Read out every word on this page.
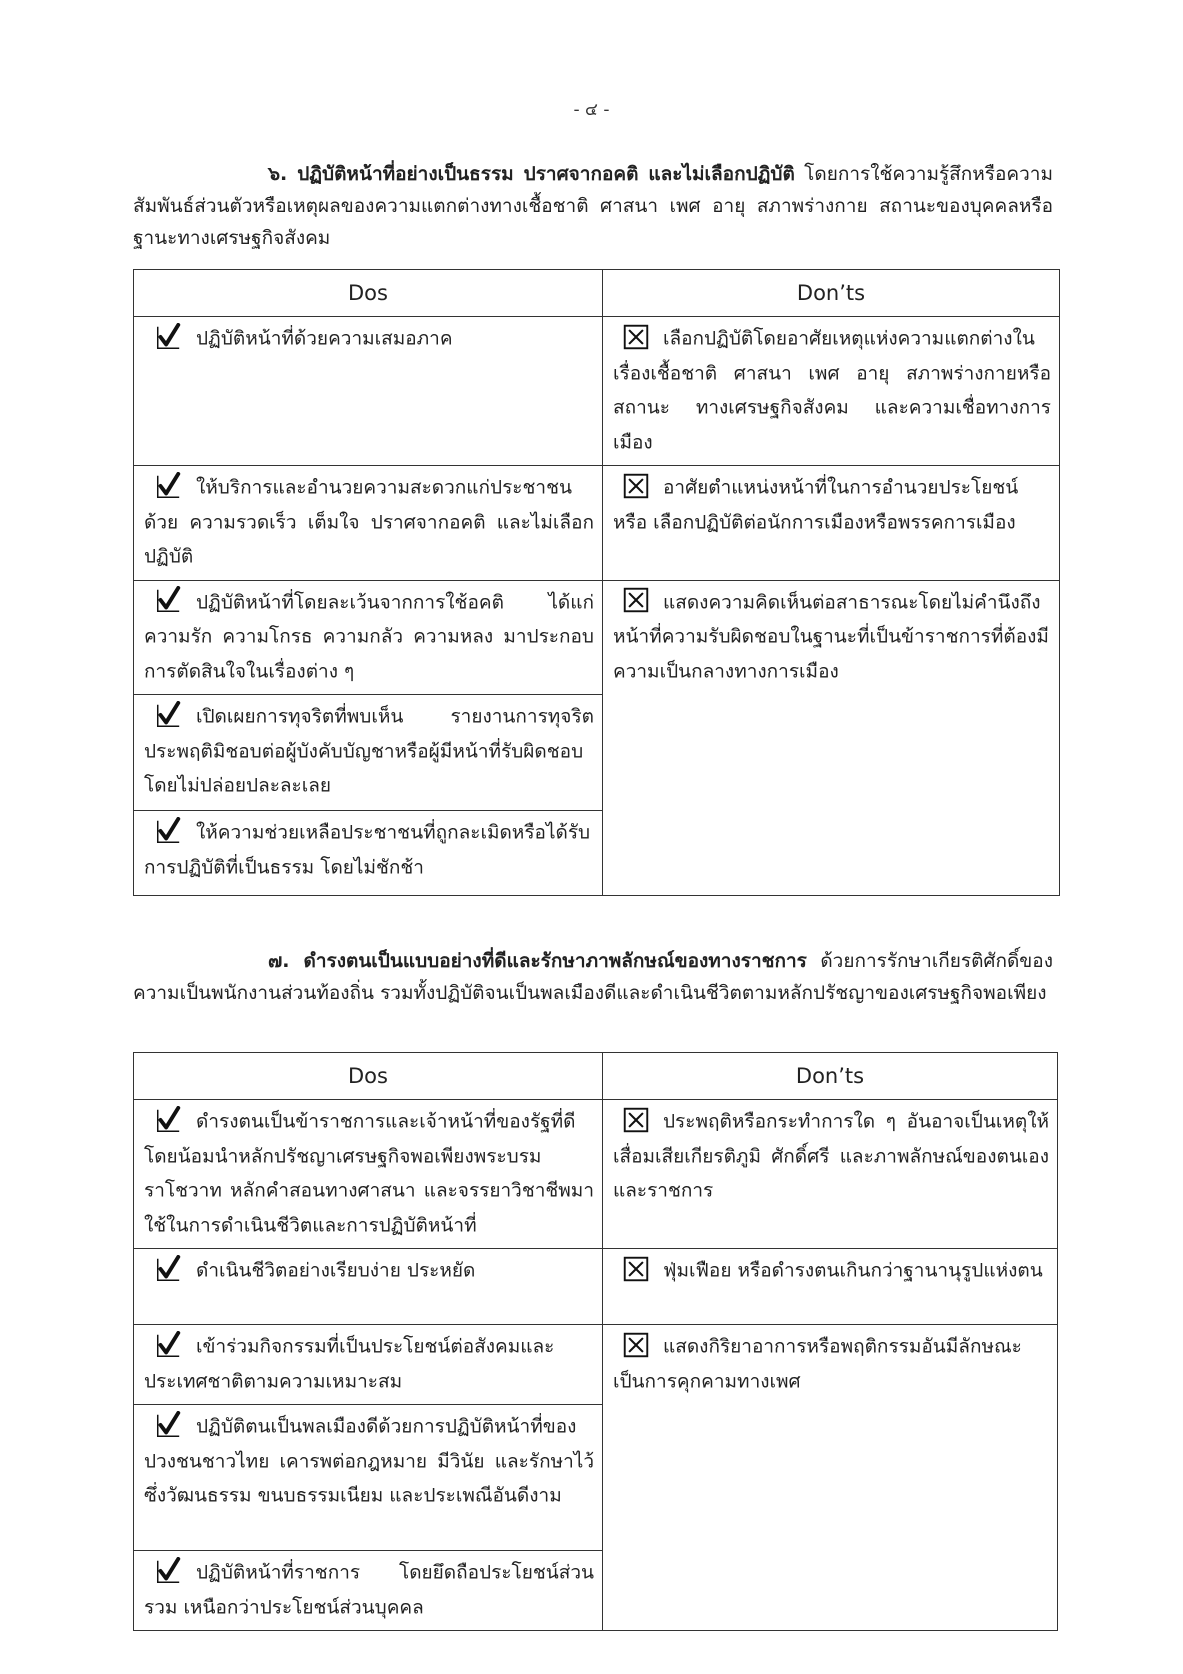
- ๔ -
๖. ปฏิบัติหน้าที่อย่างเป็นธรรม ปราศจากอคติ และไม่เลือกปฏิบัติ โดยการใช้ความรู้สึกหรือความสัมพันธ์ส่วนตัวหรือเหตุผลของความแตกต่างทางเชื้อชาติ ศาสนา เพศ อายุ สภาพร่างกาย สถานะของบุคคลหรือฐานะทางเศรษฐกิจสังคม
Dos	Don’ts
ปฏิบัติหน้าที่ด้วยความเสมอภาค	เลือกปฏิบัติโดยอาศัยเหตุแห่งความแตกต่างในเรื่องเชื้อชาติ ศาสนา เพศ อายุ สภาพร่างกายหรือสถานะ ทางเศรษฐกิจสังคม และความเชื่อทางการเมือง
ให้บริการและอำนวยความสะดวกแก่ประชาชนด้วย ความรวดเร็ว เต็มใจ ปราศจากอคติ และไม่เลือกปฏิบัติ	อาศัยตำแหน่งหน้าที่ในการอำนวยประโยชน์ หรือ เลือกปฏิบัติต่อนักการเมืองหรือพรรคการเมือง
ปฏิบัติหน้าที่โดยละเว้นจากการใช้อคติ ได้แก่ ความรัก ความโกรธ ความกลัว ความหลง มาประกอบการตัดสินใจในเรื่องต่าง ๆ	แสดงความคิดเห็นต่อสาธารณะโดยไม่คำนึงถึง หน้าที่ความรับผิดชอบในฐานะที่เป็นข้าราชการที่ต้องมี ความเป็นกลางทางการเมือง
เปิดเผยการทุจริตที่พบเห็น รายงานการทุจริตประพฤติมิชอบต่อผู้บังคับบัญชาหรือผู้มีหน้าที่รับผิดชอบโดยไม่ปล่อยปละละเลย	
ให้ความช่วยเหลือประชาชนที่ถูกละเมิดหรือได้รับการปฏิบัติที่เป็นธรรม โดยไม่ชักช้า	
๗. ดำรงตนเป็นแบบอย่างที่ดีและรักษาภาพลักษณ์ของทางราชการ ด้วยการรักษาเกียรติศักดิ์ของความเป็นพนักงานส่วนท้องถิ่น รวมทั้งปฏิบัติจนเป็นพลเมืองดีและดำเนินชีวิตตามหลักปรัชญาของเศรษฐกิจพอเพียง
Dos	Don’ts
ดำรงตนเป็นข้าราชการและเจ้าหน้าที่ของรัฐที่ดีโดยน้อมนำหลักปรัชญาเศรษฐกิจพอเพียงพระบรมราโชวาท หลักคำสอนทางศาสนา และจรรยาวิชาชีพมา ใช้ในการดำเนินชีวิตและการปฏิบัติหน้าที่	ประพฤติหรือกระทำการใด ๆ อันอาจเป็นเหตุให้เสื่อมเสียเกียรติภูมิ ศักดิ์ศรี และภาพลักษณ์ของตนเองและราชการ
ดำเนินชีวิตอย่างเรียบง่าย ประหยัด	ฟุ่มเฟือย หรือดำรงตนเกินกว่าฐานานุรูปแห่งตน
เข้าร่วมกิจกรรมที่เป็นประโยชน์ต่อสังคมและประเทศชาติตามความเหมาะสม	แสดงกิริยาอาการหรือพฤติกรรมอันมีลักษณะเป็นการคุกคามทางเพศ
ปฏิบัติตนเป็นพลเมืองดีด้วยการปฏิบัติหน้าที่ของ ปวงชนชาวไทย เคารพต่อกฎหมาย มีวินัย และรักษาไว้ ซึ่งวัฒนธรรม ขนบธรรมเนียม และประเพณีอันดีงาม	
ปฏิบัติหน้าที่ราชการ โดยยึดถือประโยชน์ส่วนรวม เหนือกว่าประโยชน์ส่วนบุคคล	
